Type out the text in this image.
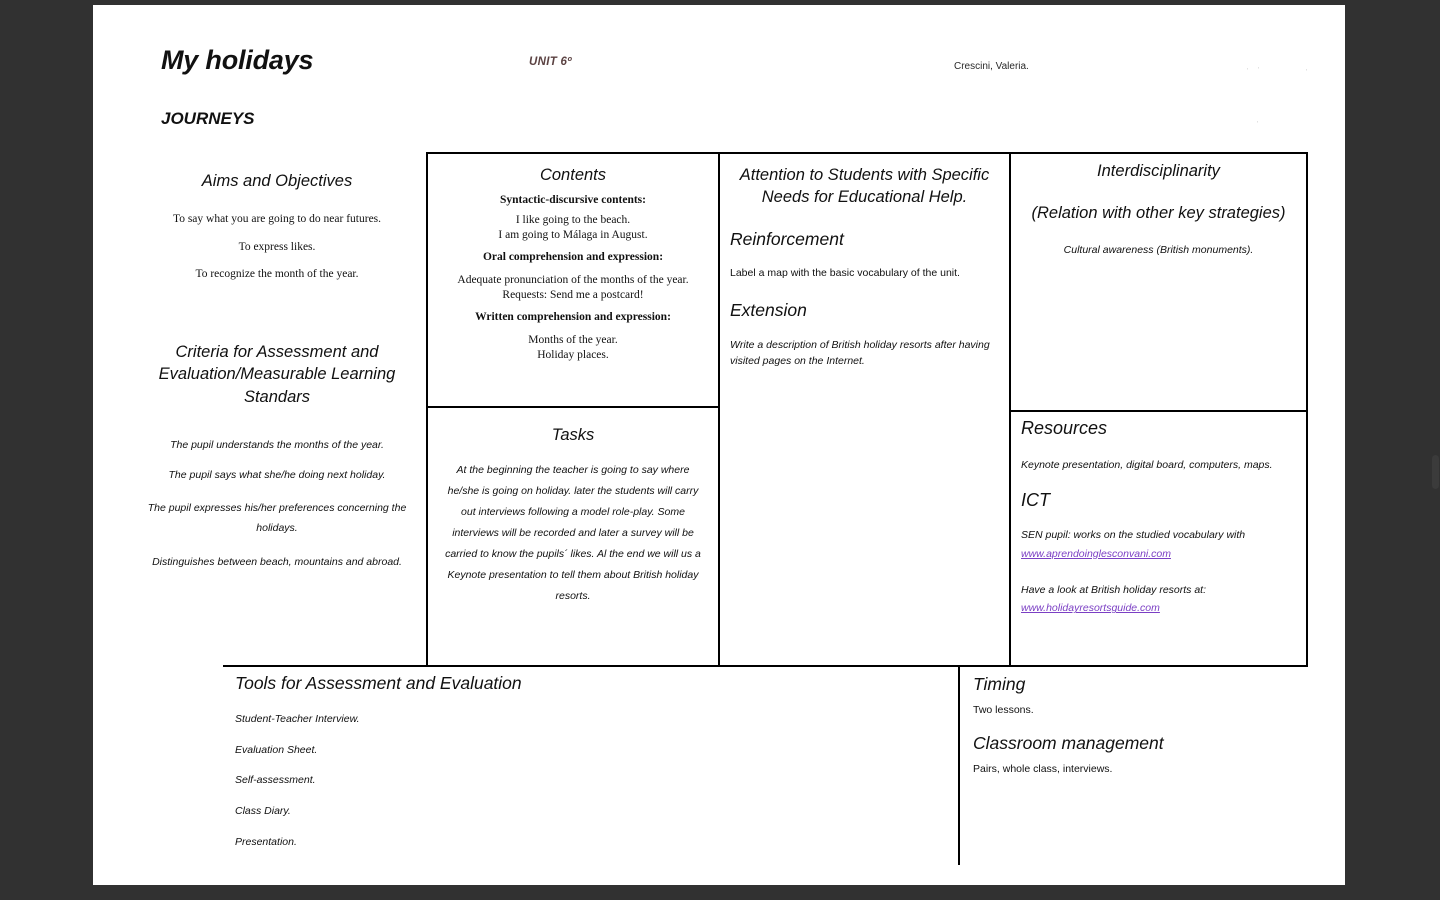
My holidays
JOURNEYS
UNIT 6º	Crescini, Valeria.	' '	'
'
Aims and Objectives

To say what you are going to do near futures.

To express likes.

To recognize the month of the year.

Criteria for Assessment and Evaluation/Measurable Learning Standars

The pupil understands the months of the year.

The pupil says what she/he doing next holiday.

The pupil expresses his/her preferences concerning the holidays.

Distinguishes between beach, mountains and abroad.

Contents

Syntactic-discursive contents:

I like going to the beach.

I am going to Málaga in August.

Oral comprehension and expression:

Adequate pronunciation of the months of the year.

Requests: Send me a postcard!

Written comprehension and expression:

Months of the year.

Holiday places.

Tasks
At the beginning the teacher is going to say where he/she is going on holiday. later the students will carry out interviews following a model role-play. Some interviews will be recorded and later a survey will be carried to know the pupils´ likes. Al the end we will us a Keynote presentation to tell them about British holiday resorts.
Attention to Students with Specific Needs for Educational Help.
Reinforcement
Label a map with the basic vocabulary of the unit.
Extension
Write a description of British holiday resorts after having visited pages on the Internet.
Interdisciplinarity
(Relation with other key strategies)
Cultural awareness (British monuments).
Resources
Keynote presentation, digital board, computers, maps.
ICT
SEN pupil: works on the studied vocabulary with
www.aprendoinglesconvani.com
Have a look at British holiday resorts at:
www.holidayresortsguide.com
Tools for Assessment and Evaluation

Student-Teacher Interview.

Evaluation Sheet.

Self-assessment.

Class Diary.

Presentation.

Timing
Two lessons.
Classroom management
Pairs, whole class, interviews.
